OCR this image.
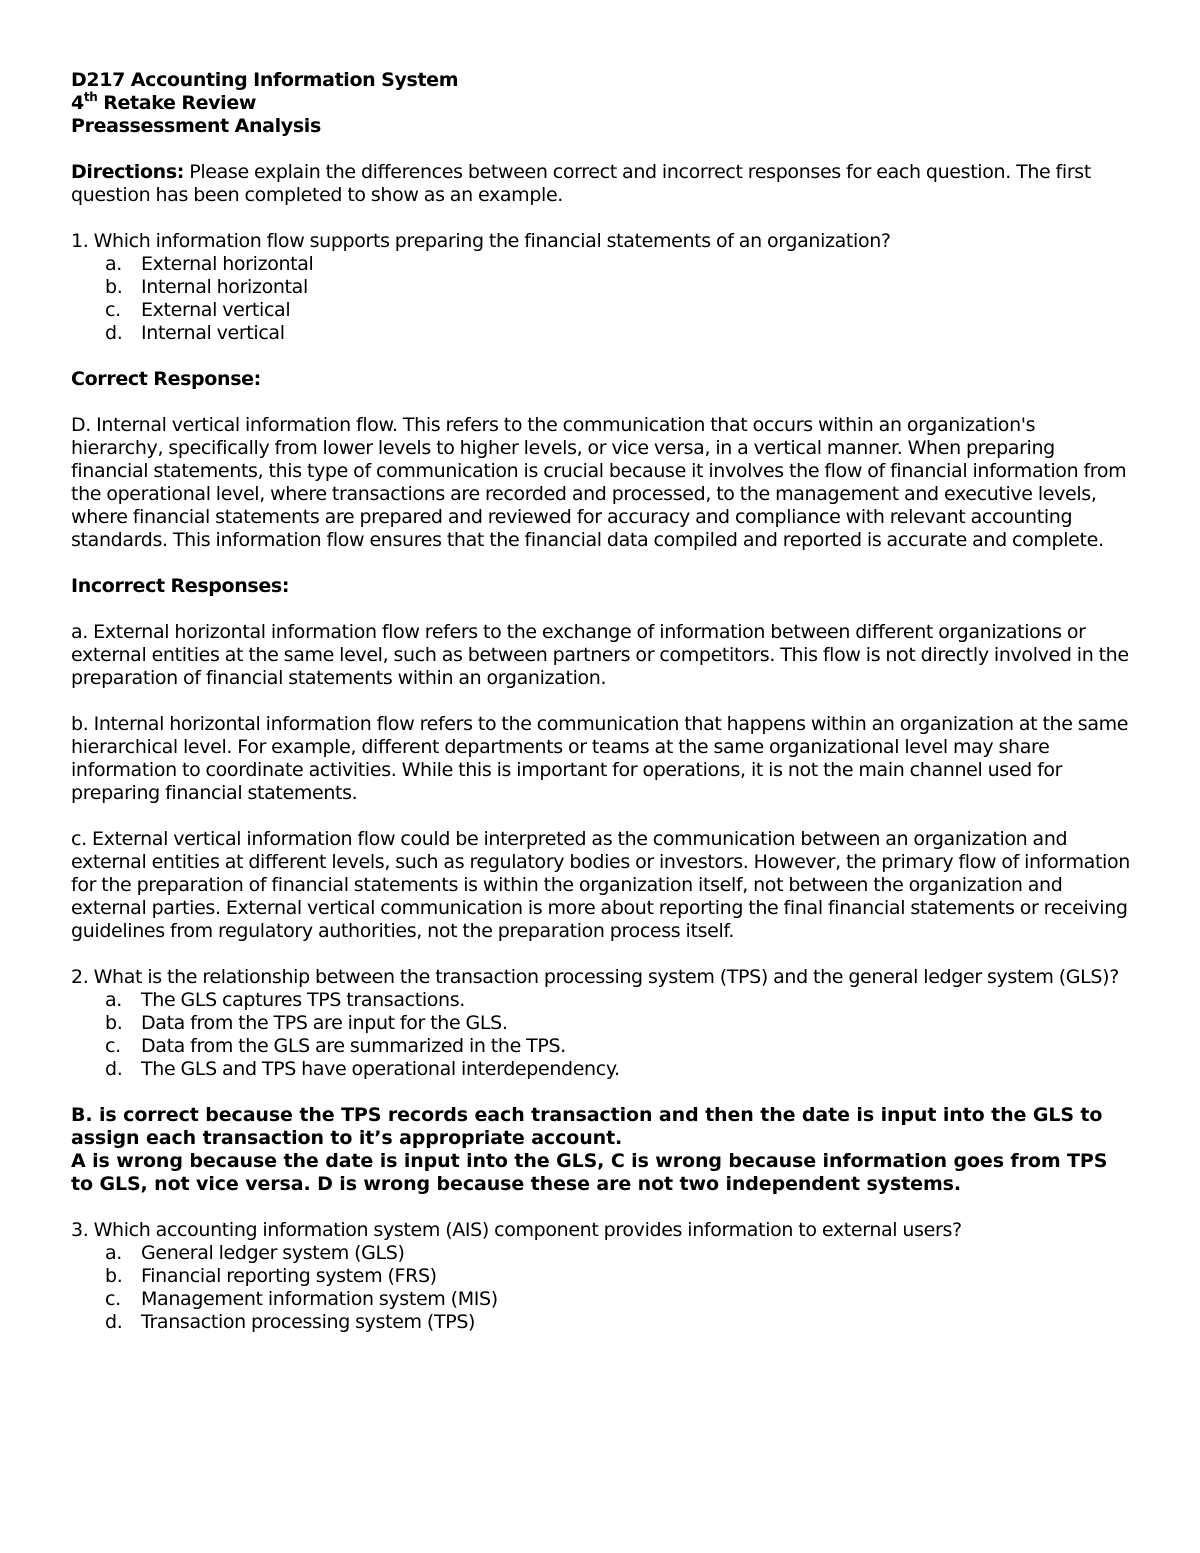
D217 Accounting Information System

4th Retake Review

Preassessment Analysis

Directions: Please explain the differences between correct and incorrect responses for each question. The first question has been completed to show as an example.

1. Which information flow supports preparing the financial statements of an organization?

a.	External horizontal
b. Internal horizontal
c.	External vertical
d. Internal vertical

Correct Response:

D. Internal vertical information flow. This refers to the communication that occurs within an organization's hierarchy, specifically from lower levels to higher levels, or vice versa, in a vertical manner. When preparing financial statements, this type of communication is crucial because it involves the flow of financial information from the operational level, where transactions are recorded and processed, to the management and executive levels, where financial statements are prepared and reviewed for accuracy and compliance with relevant accounting standards. This information flow ensures that the financial data compiled and reported is accurate and complete.

Incorrect Responses:

a. External horizontal information flow refers to the exchange of information between different organizations or external entities at the same level, such as between partners or competitors. This flow is not directly involved in the preparation of financial statements within an organization.

b. Internal horizontal information flow refers to the communication that happens within an organization at the same hierarchical level. For example, different departments or teams at the same organizational level may share information to coordinate activities. While this is important for operations, it is not the main channel used for preparing financial statements.

c. External vertical information flow could be interpreted as the communication between an organization and external entities at different levels, such as regulatory bodies or investors. However, the primary flow of information for the preparation of financial statements is within the organization itself, not between the organization and external parties. External vertical communication is more about reporting the final financial statements or receiving guidelines from regulatory authorities, not the preparation process itself.

2. What is the relationship between the transaction processing system (TPS) and the general ledger system (GLS)?

a.	The GLS captures TPS transactions.
b. Data from the TPS are input for the GLS.
c.	Data from the GLS are summarized in the TPS.
d. The GLS and TPS have operational interdependency.

B. is correct because the TPS records each transaction and then the date is input into the GLS to assign each transaction to it’s appropriate account.

A is wrong because the date is input into the GLS, C is wrong because information goes from TPS to GLS, not vice versa. D is wrong because these are not two independent systems.

3. Which accounting information system (AIS) component provides information to external users?

a.	General ledger system (GLS)
b. Financial reporting system (FRS)
c.	Management information system (MIS)
d. Transaction processing system (TPS)
